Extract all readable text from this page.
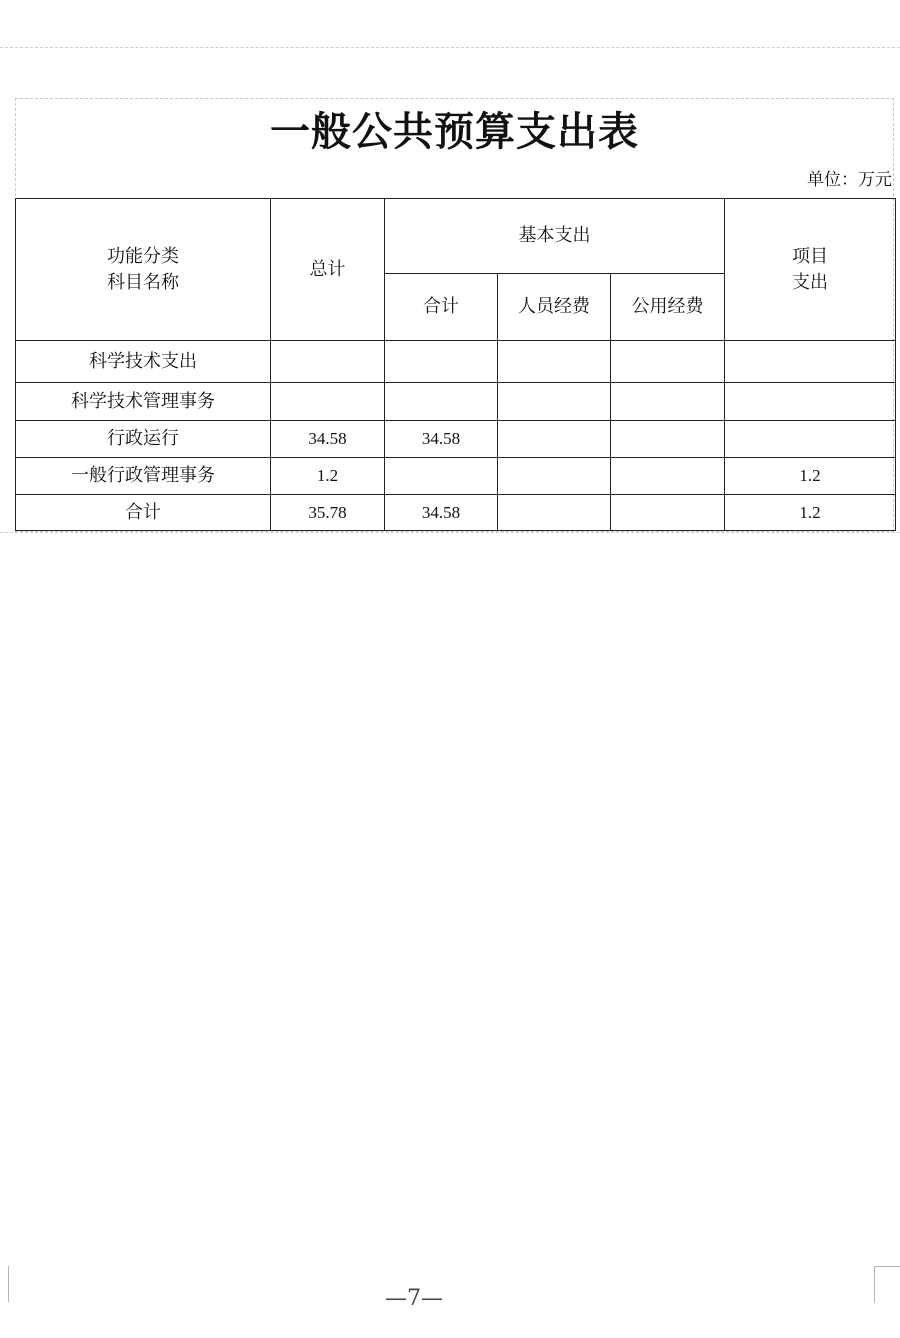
一般公共预算支出表
单位：万元
功能分类
科目名称	总计	基本支出			项目
支出

		合计	人员经费	公用经费	
科学技术支出					
科学技术管理事务					
行政运行	34.58	34.58			
一般行政管理事务	1.2				1.2
合计	35.78	34.58			1.2
—7—
